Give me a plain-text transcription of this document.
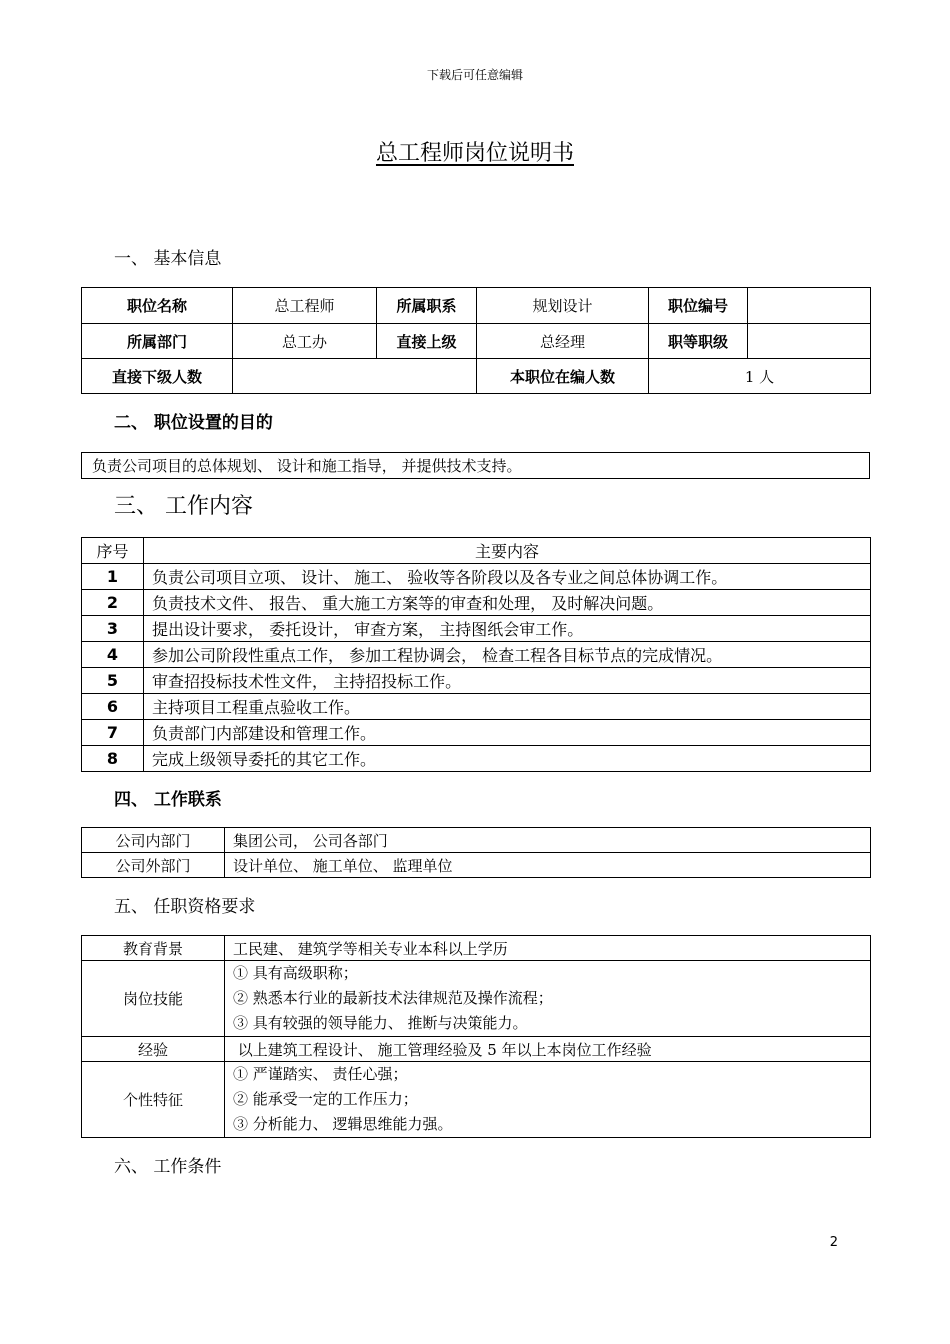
下载后可任意编辑
总工程师岗位说明书
一、 基本信息
职位名称	总工程师	所属职系	规划设计	职位编号	
所属部门	总工办	直接上级	总经理	职等职级	
直接下级人数			本职位在编人数	1 人	
二、 职位设置的目的
负责公司项目的总体规划、 设计和施工指导， 并提供技术支持。
三、 工作内容
序号	主要内容
1	负责公司项目立项、 设计、 施工、 验收等各阶段以及各专业之间总体协调工作。
2	负责技术文件、 报告、 重大施工方案等的审查和处理， 及时解决问题。
3	提出设计要求， 委托设计， 审查方案， 主持图纸会审工作。
4	参加公司阶段性重点工作， 参加工程协调会， 检查工程各目标节点的完成情况。
5	审查招投标技术性文件， 主持招投标工作。
6	主持项目工程重点验收工作。
7	负责部门内部建设和管理工作。
8	完成上级领导委托的其它工作。
四、 工作联系
公司内部门	集团公司， 公司各部门
公司外部门	设计单位、 施工单位、 监理单位
五、 任职资格要求
教育背景	工民建、 建筑学等相关专业本科以上学历
岗位技能	① 具有高级职称；
② 熟悉本行业的最新技术法律规范及操作流程；
③ 具有较强的领导能力、 推断与决策能力。

经验	以上建筑工程设计、 施工管理经验及 5 年以上本岗位工作经验
个性特征	① 严谨踏实、 责任心强；
② 能承受一定的工作压力；
③ 分析能力、 逻辑思维能力强。
六、 工作条件
2
